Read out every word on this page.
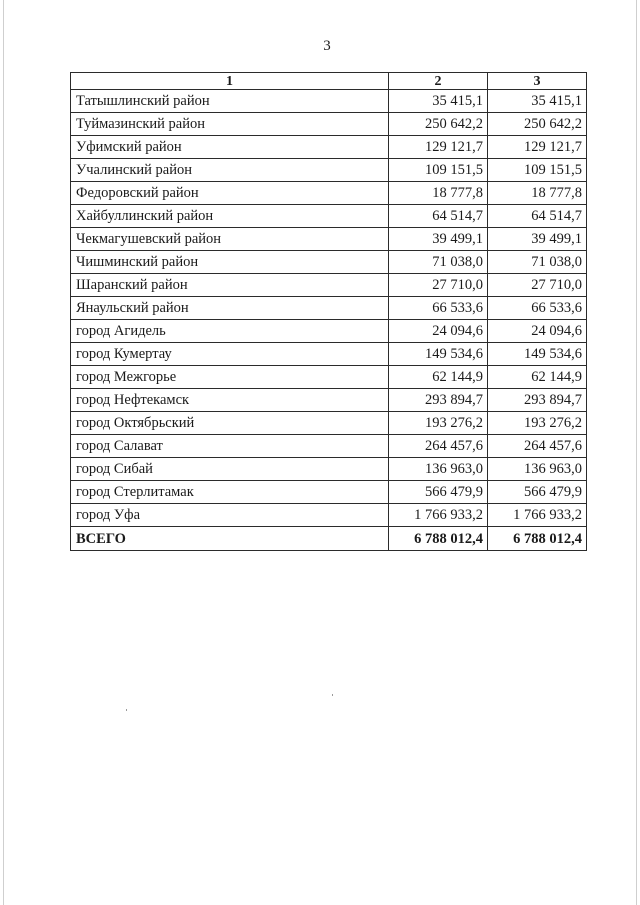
3
1	2	3
Татышлинский район	35 415,1	35 415,1
Туймазинский район	250 642,2	250 642,2
Уфимский район	129 121,7	129 121,7
Учалинский район	109 151,5	109 151,5
Федоровский район	18 777,8	18 777,8
Хайбуллинский район	64 514,7	64 514,7
Чекмагушевский район	39 499,1	39 499,1
Чишминский район	71 038,0	71 038,0
Шаранский район	27 710,0	27 710,0
Янаульский район	66 533,6	66 533,6
город Агидель	24 094,6	24 094,6
город Кумертау	149 534,6	149 534,6
город Межгорье	62 144,9	62 144,9
город Нефтекамск	293 894,7	293 894,7
город Октябрьский	193 276,2	193 276,2
город Салават	264 457,6	264 457,6
город Сибай	136 963,0	136 963,0
город Стерлитамак	566 479,9	566 479,9
город Уфа	1 766 933,2	1 766 933,2
ВСЕГО	6 788 012,4	6 788 012,4
